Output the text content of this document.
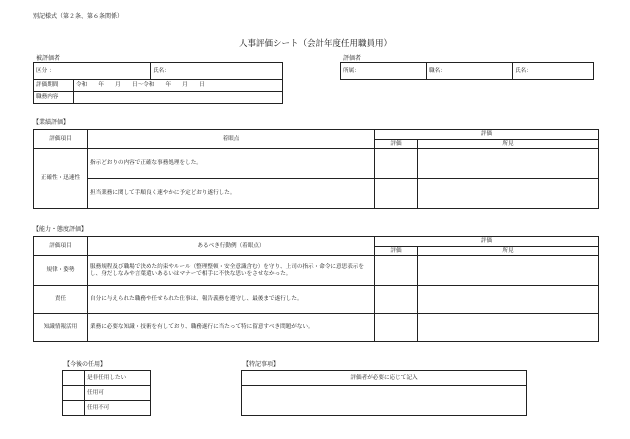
別記様式（第２条、第６条関係）
人事評価シート（会計年度任用職員用）
被評価者
区分 ：		氏名：
評価期間	令和　　年　　月　　日〜令和　　年　　月　　日	
職務内容		
評価者
所属：	職名：	氏名：
【業績評価】
評価項目	着眼点	評価	
		評価	所見
正確性・迅速性	指示どおりの内容で正確な事務処理をした。		
	担当業務に関して手順良く速やかに予定どおり遂行した。		
【能力・態度評価】
評価項目	あるべき行動例（着眼点）	評価	
		評価	所見
規律・姿勢	服務規程及び職場で決めた約束やルール（整理整頓・安全意識含む）を守り、上司の指示・命令に意思表示をし、身だしなみや言葉遣いあるいはマナーで相手に不快な思いをさせなかった。		
責任	自分に与えられた職務や任せられた仕事は、報告義務を遵守し、最後まで遂行した。		
知識情報活用	業務に必要な知識・技術を有しており、職務遂行に当たって特に留意すべき問題がない。		
【今後の任用】
	是非任用したい
	任用可
	任用不可
【特記事項】
評価者が必要に応じて記入
